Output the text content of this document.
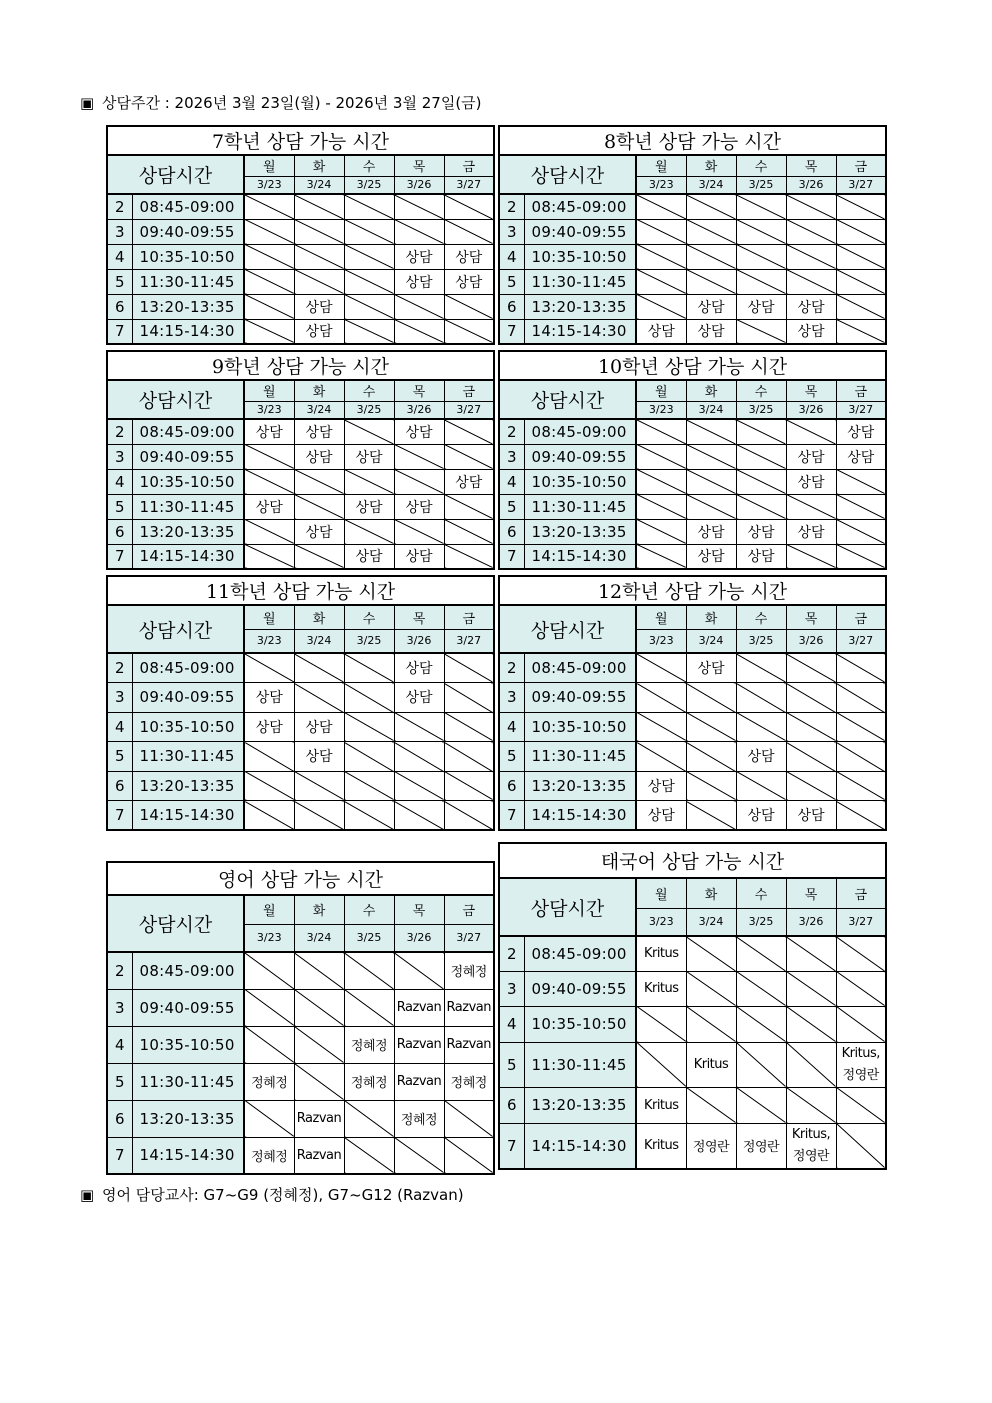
▣ 상담주간 : 2026년 3월 23일(월) - 2026년 3월 27일(금)
7학년 상담 가능 시간						
상담시간		월	화	수	목	금
		3/23	3/24	3/25	3/26	3/27
2	08:45-09:00					
3	09:40-09:55					
4	10:35-10:50				상담	상담
5	11:30-11:45				상담	상담
6	13:20-13:35		상담			
7	14:15-14:30		상담			
8학년 상담 가능 시간						
상담시간		월	화	수	목	금
		3/23	3/24	3/25	3/26	3/27
2	08:45-09:00					
3	09:40-09:55					
4	10:35-10:50					
5	11:30-11:45					
6	13:20-13:35		상담	상담	상담	
7	14:15-14:30	상담	상담		상담	
9학년 상담 가능 시간						
상담시간		월	화	수	목	금
		3/23	3/24	3/25	3/26	3/27
2	08:45-09:00	상담	상담		상담	
3	09:40-09:55		상담	상담		
4	10:35-10:50					상담
5	11:30-11:45	상담		상담	상담	
6	13:20-13:35		상담			
7	14:15-14:30			상담	상담	
10학년 상담 가능 시간						
상담시간		월	화	수	목	금
		3/23	3/24	3/25	3/26	3/27
2	08:45-09:00					상담
3	09:40-09:55				상담	상담
4	10:35-10:50				상담	
5	11:30-11:45					
6	13:20-13:35		상담	상담	상담	
7	14:15-14:30		상담	상담		
11학년 상담 가능 시간						
상담시간		월	화	수	목	금
		3/23	3/24	3/25	3/26	3/27
2	08:45-09:00				상담	
3	09:40-09:55	상담			상담	
4	10:35-10:50	상담	상담			
5	11:30-11:45		상담			
6	13:20-13:35					
7	14:15-14:30					
12학년 상담 가능 시간						
상담시간		월	화	수	목	금
		3/23	3/24	3/25	3/26	3/27
2	08:45-09:00		상담			
3	09:40-09:55					
4	10:35-10:50					
5	11:30-11:45			상담		
6	13:20-13:35	상담				
7	14:15-14:30	상담		상담	상담	
영어 상담 가능 시간						
상담시간		월	화	수	목	금
		3/23	3/24	3/25	3/26	3/27
2	08:45-09:00					정혜정
3	09:40-09:55				Razvan	Razvan
4	10:35-10:50			정혜정	Razvan	Razvan
5	11:30-11:45	정혜정		정혜정	Razvan	정혜정
6	13:20-13:35		Razvan		정혜정	
7	14:15-14:30	정혜정	Razvan			
태국어 상담 가능 시간						
상담시간		월	화	수	목	금
		3/23	3/24	3/25	3/26	3/27
2	08:45-09:00	Kritus				
3	09:40-09:55	Kritus				
4	10:35-10:50					
5	11:30-11:45		Kritus			Kritus, 정영란
6	13:20-13:35	Kritus				
7	14:15-14:30	Kritus	정영란	정영란	Kritus, 정영란	
▣ 영어 담당교사: G7~G9 (정혜정), G7~G12 (Razvan)
